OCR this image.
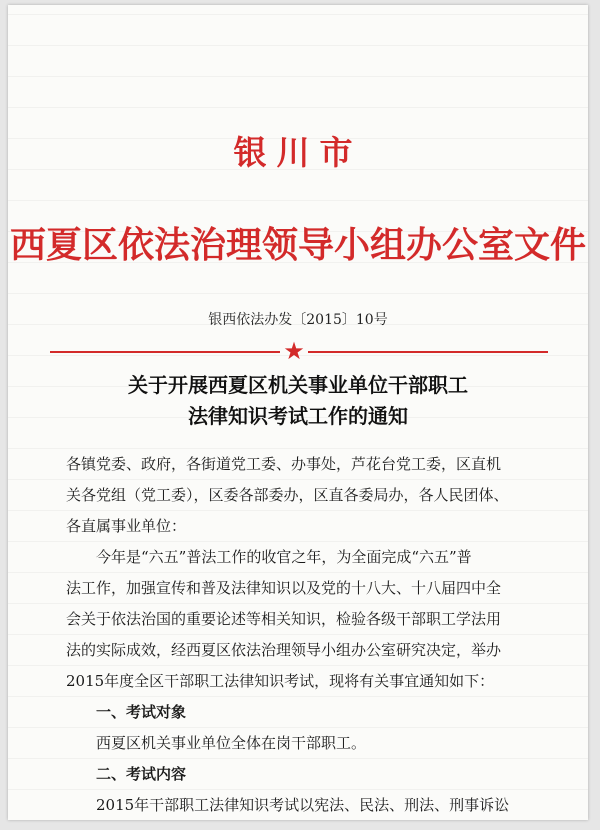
银川市
西夏区依法治理领导小组办公室文件
银西依法办发〔2015〕10号
★
关于开展西夏区机关事业单位干部职工
法律知识考试工作的通知
各镇党委、政府，各街道党工委、办事处，芦花台党工委，区直机
关各党组（党工委），区委各部委办，区直各委局办，各人民团体、
各直属事业单位：
今年是“六五”普法工作的收官之年，为全面完成“六五”普
法工作，加强宣传和普及法律知识以及党的十八大、十八届四中全
会关于依法治国的重要论述等相关知识，检验各级干部职工学法用
法的实际成效，经西夏区依法治理领导小组办公室研究决定，举办
2015年度全区干部职工法律知识考试，现将有关事宜通知如下：
一、考试对象
西夏区机关事业单位全体在岗干部职工。
二、考试内容
2015年干部职工法律知识考试以宪法、民法、刑法、刑事诉讼
